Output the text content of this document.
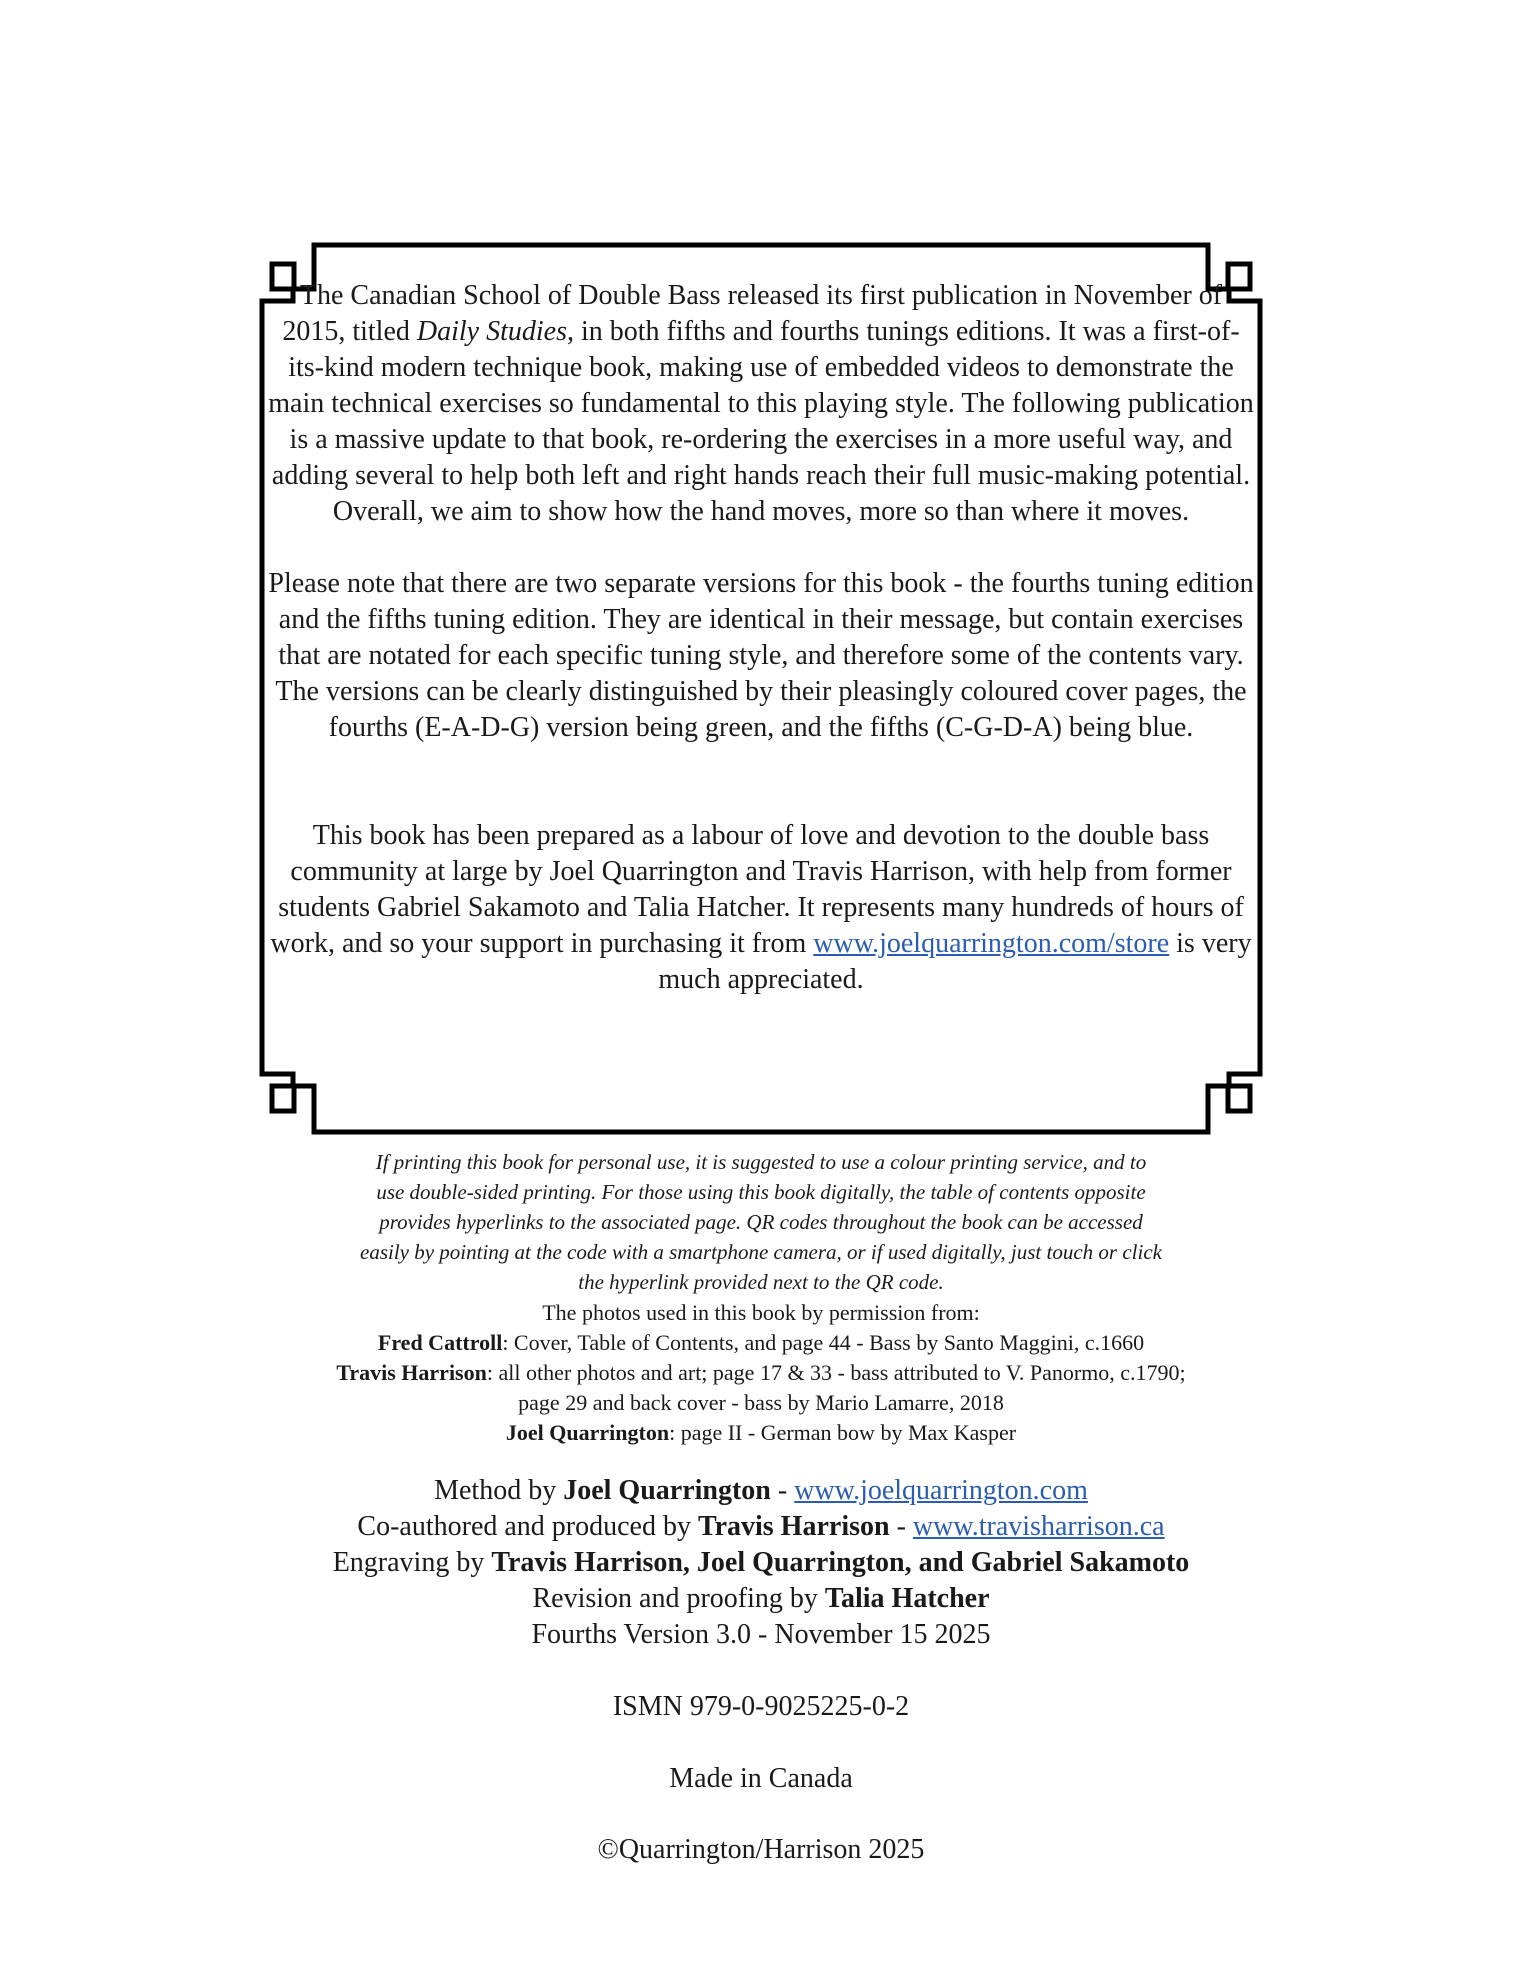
The Canadian School of Double Bass released its first publication in November of 2015, titled Daily Studies, in both fifths and fourths tunings editions. It was a first-of-its-kind modern technique book, making use of embedded videos to demonstrate the main technical exercises so fundamental to this playing style. The following publication is a massive update to that book, re-ordering the exercises in a more useful way, and adding several to help both left and right hands reach their full music-making potential. Overall, we aim to show how the hand moves, more so than where it moves.

Please note that there are two separate versions for this book - the fourths tuning edition and the fifths tuning edition. They are identical in their message, but contain exercises that are notated for each specific tuning style, and therefore some of the contents vary. The versions can be clearly distinguished by their pleasingly coloured cover pages, the fourths (E-A-D-G) version being green, and the fifths (C-G-D-A) being blue.

This book has been prepared as a labour of love and devotion to the double bass community at large by Joel Quarrington and Travis Harrison, with help from former students Gabriel Sakamoto and Talia Hatcher. It represents many hundreds of hours of work, and so your support in purchasing it from www.joelquarrington.com/store is very much appreciated.

If printing this book for personal use, it is suggested to use a colour printing service, and to use double-sided printing. For those using this book digitally, the table of contents opposite provides hyperlinks to the associated page. QR codes throughout the book can be accessed easily by pointing at the code with a smartphone camera, or if used digitally, just touch or click the hyperlink provided next to the QR code.

The photos used in this book by permission from:

Fred Cattroll: Cover, Table of Contents, and page 44 - Bass by Santo Maggini, c.1660

Travis Harrison: all other photos and art; page 17 & 33 - bass attributed to V. Panormo, c.1790;

page 29 and back cover - bass by Mario Lamarre, 2018

Joel Quarrington: page II - German bow by Max Kasper

Method by Joel Quarrington - www.joelquarrington.com

Co-authored and produced by Travis Harrison - www.travisharrison.ca

Engraving by Travis Harrison, Joel Quarrington, and Gabriel Sakamoto

Revision and proofing by Talia Hatcher

Fourths Version 3.0 - November 15 2025

ISMN 979-0-9025225-0-2
Made in Canada
©Quarrington/Harrison 2025
